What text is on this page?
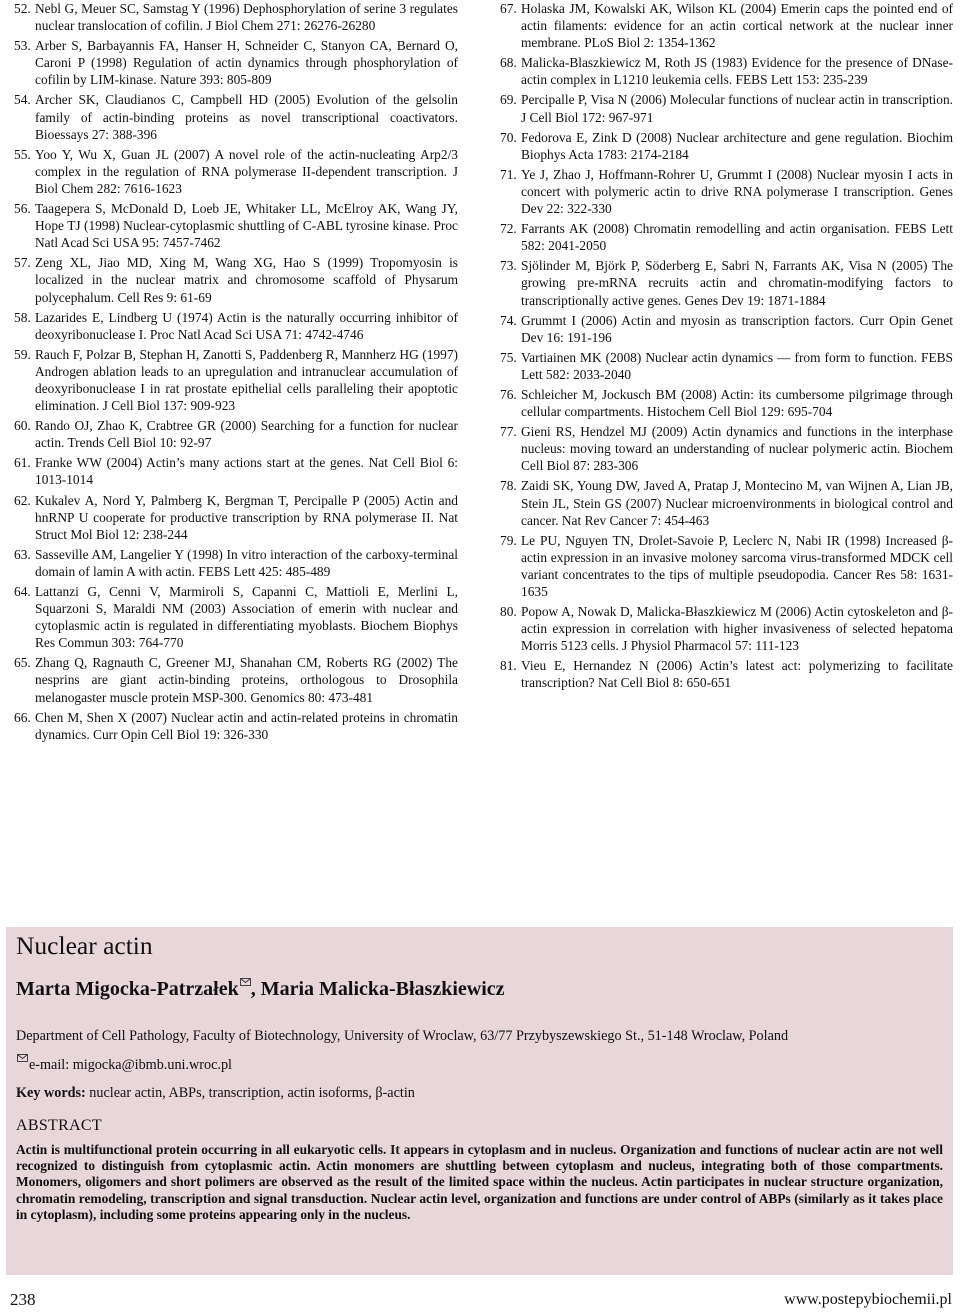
52. Nebl G, Meuer SC, Samstag Y (1996) Dephosphorylation of serine 3 regulates nuclear translocation of cofilin. J Biol Chem 271: 26276-26280
53. Arber S, Barbayannis FA, Hanser H, Schneider C, Stanyon CA, Bernard O, Caroni P (1998) Regulation of actin dynamics through phosphorylation of cofilin by LIM-kinase. Nature 393: 805-809
54. Archer SK, Claudianos C, Campbell HD (2005) Evolution of the gelsolin family of actin-binding proteins as novel transcriptional coactivators. Bioessays 27: 388-396
55. Yoo Y, Wu X, Guan JL (2007) A novel role of the actin-nucleating Arp2/3 complex in the regulation of RNA polymerase II-dependent transcription. J Biol Chem 282: 7616-1623
56. Taagepera S, McDonald D, Loeb JE, Whitaker LL, McElroy AK, Wang JY, Hope TJ (1998) Nuclear-cytoplasmic shuttling of C-ABL tyrosine kinase. Proc Natl Acad Sci USA 95: 7457-7462
57. Zeng XL, Jiao MD, Xing M, Wang XG, Hao S (1999) Tropomyosin is localized in the nuclear matrix and chromosome scaffold of Physarum polycephalum. Cell Res 9: 61-69
58. Lazarides E, Lindberg U (1974) Actin is the naturally occurring inhibitor of deoxyribonuclease I. Proc Natl Acad Sci USA 71: 4742-4746
59. Rauch F, Polzar B, Stephan H, Zanotti S, Paddenberg R, Mannherz HG (1997) Androgen ablation leads to an upregulation and intranuclear accumulation of deoxyribonuclease I in rat prostate epithelial cells paralleling their apoptotic elimination. J Cell Biol 137: 909-923
60. Rando OJ, Zhao K, Crabtree GR (2000) Searching for a function for nuclear actin. Trends Cell Biol 10: 92-97
61. Franke WW (2004) Actin’s many actions start at the genes. Nat Cell Biol 6: 1013-1014
62. Kukalev A, Nord Y, Palmberg K, Bergman T, Percipalle P (2005) Actin and hnRNP U cooperate for productive transcription by RNA polymerase II. Nat Struct Mol Biol 12: 238-244
63. Sasseville AM, Langelier Y (1998) In vitro interaction of the carboxy-terminal domain of lamin A with actin. FEBS Lett 425: 485-489
64. Lattanzi G, Cenni V, Marmiroli S, Capanni C, Mattioli E, Merlini L, Squarzoni S, Maraldi NM (2003) Association of emerin with nuclear and cytoplasmic actin is regulated in differentiating myoblasts. Biochem Biophys Res Commun 303: 764-770
65. Zhang Q, Ragnauth C, Greener MJ, Shanahan CM, Roberts RG (2002) The nesprins are giant actin-binding proteins, orthologous to Drosophila melanogaster muscle protein MSP-300. Genomics 80: 473-481
66. Chen M, Shen X (2007) Nuclear actin and actin-related proteins in chromatin dynamics. Curr Opin Cell Biol 19: 326-330
67. Holaska JM, Kowalski AK, Wilson KL (2004) Emerin caps the pointed end of actin filaments: evidence for an actin cortical network at the nuclear inner membrane. PLoS Biol 2: 1354-1362
68. Malicka-Blaszkiewicz M, Roth JS (1983) Evidence for the presence of DNase-actin complex in L1210 leukemia cells. FEBS Lett 153: 235-239
69. Percipalle P, Visa N (2006) Molecular functions of nuclear actin in transcription. J Cell Biol 172: 967-971
70. Fedorova E, Zink D (2008) Nuclear architecture and gene regulation. Biochim Biophys Acta 1783: 2174-2184
71. Ye J, Zhao J, Hoffmann-Rohrer U, Grummt I (2008) Nuclear myosin I acts in concert with polymeric actin to drive RNA polymerase I transcription. Genes Dev 22: 322-330
72. Farrants AK (2008) Chromatin remodelling and actin organisation. FEBS Lett 582: 2041-2050
73. Sjölinder M, Björk P, Söderberg E, Sabri N, Farrants AK, Visa N (2005) The growing pre-mRNA recruits actin and chromatin-modifying factors to transcriptionally active genes. Genes Dev 19: 1871-1884
74. Grummt I (2006) Actin and myosin as transcription factors. Curr Opin Genet Dev 16: 191-196
75. Vartiainen MK (2008) Nuclear actin dynamics — from form to function. FEBS Lett 582: 2033-2040
76. Schleicher M, Jockusch BM (2008) Actin: its cumbersome pilgrimage through cellular compartments. Histochem Cell Biol 129: 695-704
77. Gieni RS, Hendzel MJ (2009) Actin dynamics and functions in the interphase nucleus: moving toward an understanding of nuclear polymeric actin. Biochem Cell Biol 87: 283-306
78. Zaidi SK, Young DW, Javed A, Pratap J, Montecino M, van Wijnen A, Lian JB, Stein JL, Stein GS (2007) Nuclear microenvironments in biological control and cancer. Nat Rev Cancer 7: 454-463
79. Le PU, Nguyen TN, Drolet-Savoie P, Leclerc N, Nabi IR (1998) Increased β-actin expression in an invasive moloney sarcoma virus-transformed MDCK cell variant concentrates to the tips of multiple pseudopodia. Cancer Res 58: 1631-1635
80. Popow A, Nowak D, Malicka-Błaszkiewicz M (2006) Actin cytoskeleton and β-actin expression in correlation with higher invasiveness of selected hepatoma Morris 5123 cells. J Physiol Pharmacol 57: 111-123
81. Vieu E, Hernandez N (2006) Actin’s latest act: polymerizing to facilitate transcription? Nat Cell Biol 8: 650-651
Nuclear actin
Marta Migocka-Patrzałek , Maria Malicka-Błaszkiewicz
Department of Cell Pathology, Faculty of Biotechnology, University of Wroclaw, 63/77 Przybyszewskiego St., 51-148 Wroclaw, Poland
e-mail: migocka@ibmb.uni.wroc.pl
Key words: nuclear actin, ABPs, transcription, actin isoforms, β-actin
ABSTRACT
Actin is multifunctional protein occurring in all eukaryotic cells. It appears in cytoplasm and in nucleus. Organization and functions of nuclear actin are not well recognized to distinguish from cytoplasmic actin. Actin monomers are shuttling between cytoplasm and nucleus, integrating both of those compartments. Monomers, oligomers and short polimers are observed as the result of the limited space within the nucleus. Actin participates in nuclear structure organization, chromatin remodeling, transcription and signal transduction. Nuclear actin level, organization and functions are under control of ABPs (similarly as it takes place in cytoplasm), including some proteins appearing only in the nucleus.
238	www.postepybiochemii.pl
